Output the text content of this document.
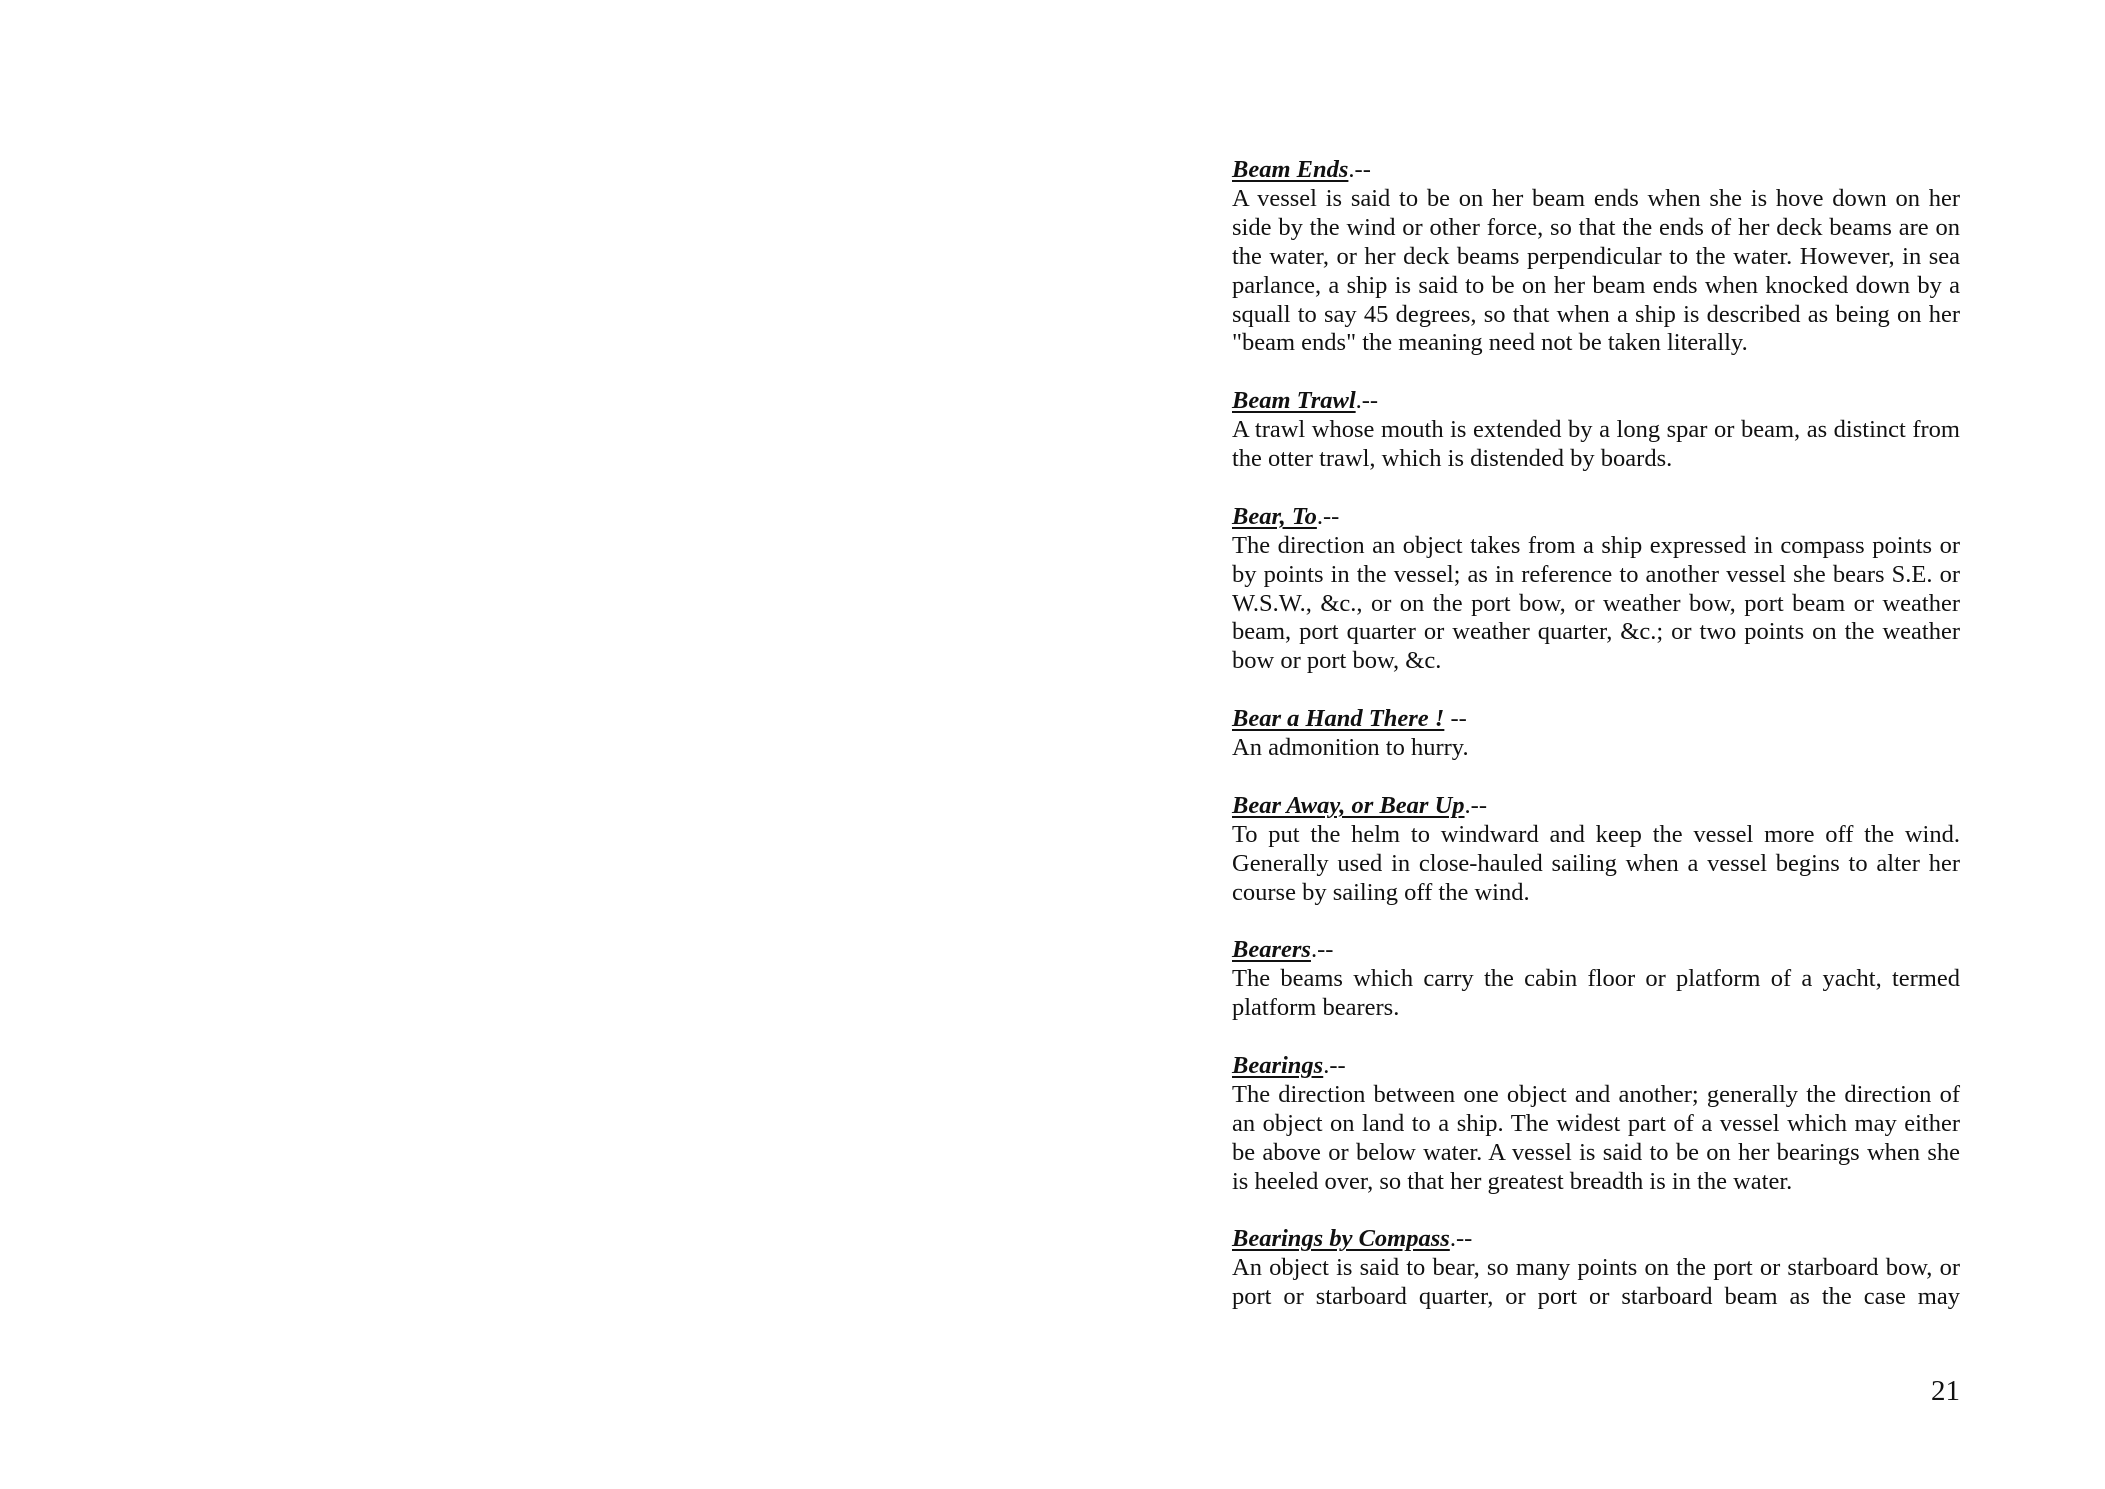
Beam Ends.--
A vessel is said to be on her beam ends when she is hove down on her side by the wind or other force, so that the ends of her deck beams are on the water, or her deck beams perpendicular to the water. However, in sea parlance, a ship is said to be on her beam ends when knocked down by a squall to say 45 degrees, so that when a ship is described as being on her "beam ends" the meaning need not be taken literally.
Beam Trawl.--
A trawl whose mouth is extended by a long spar or beam, as distinct from the otter trawl, which is distended by boards.
Bear, To.--
The direction an object takes from a ship expressed in compass points or by points in the vessel; as in reference to another vessel she bears S.E. or W.S.W., &c., or on the port bow, or weather bow, port beam or weather beam, port quarter or weather quarter, &c.; or two points on the weather bow or port bow, &c.
Bear a Hand There ! --
An admonition to hurry.
Bear Away, or Bear Up.--
To put the helm to windward and keep the vessel more off the wind. Generally used in close-hauled sailing when a vessel begins to alter her course by sailing off the wind.
Bearers.--
The beams which carry the cabin floor or platform of a yacht, termed platform bearers.
Bearings.--
The direction between one object and another; generally the direction of an object on land to a ship. The widest part of a vessel which may either be above or below water. A vessel is said to be on her bearings when she is heeled over, so that her greatest breadth is in the water.
Bearings by Compass.--
An object is said to bear, so many points on the port or starboard bow, or port or starboard quarter, or port or starboard beam as the case may
21
